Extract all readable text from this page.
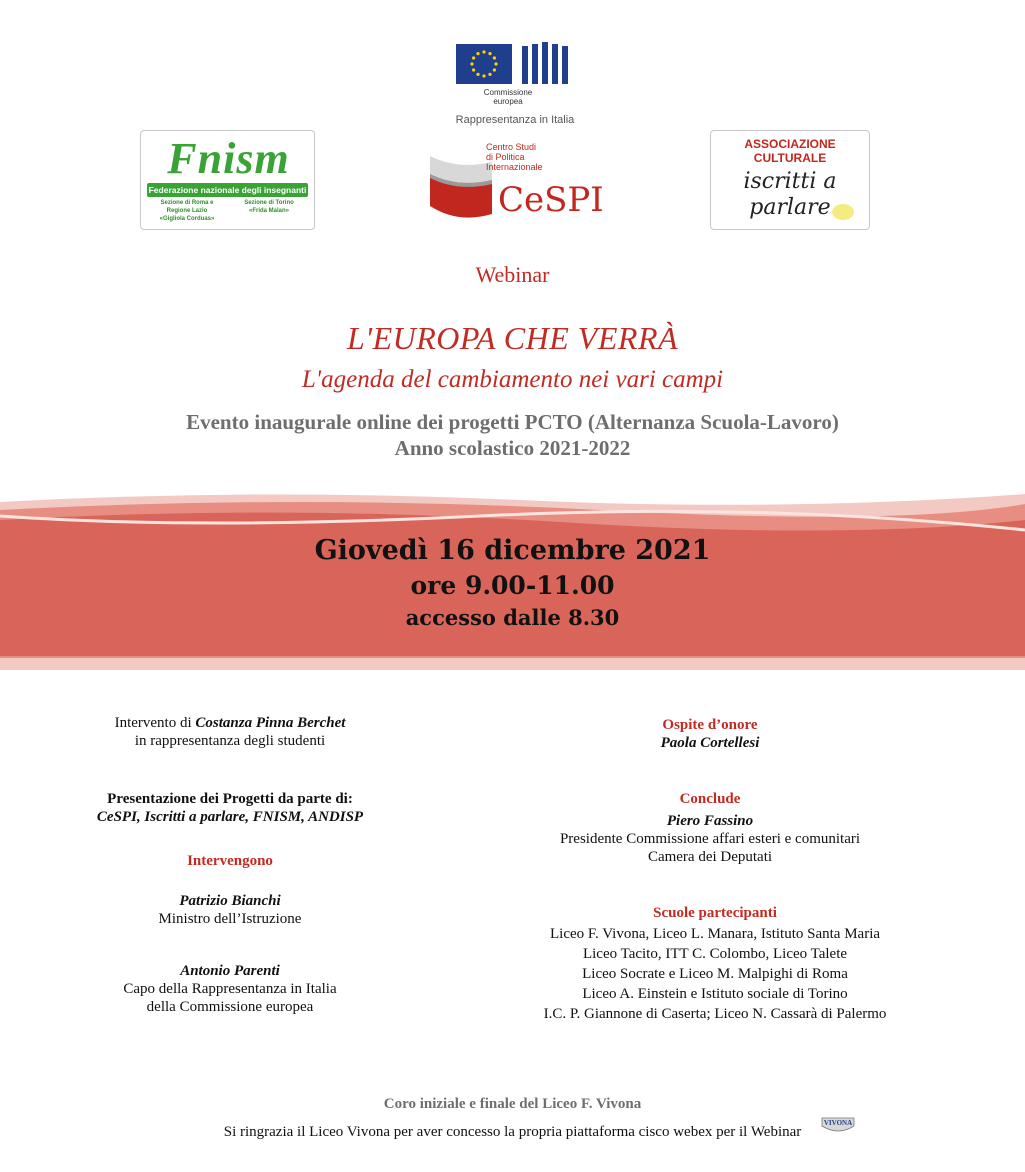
Commissione
europea
Rappresentanza in Italia
Fnism
Federazione nazionale degli insegnanti
Sezione di Roma e
Regione Lazio
«Gigliola Corduas»
Sezione di Torino
«Frida Malan»
Centro Studi
di Politica
Internazionale
CeSPI
ASSOCIAZIONE
CULTURALE
iscritti a
parlare
Webinar
L'EUROPA CHE VERRÀ
L'agenda del cambiamento nei vari campi
Evento inaugurale online dei progetti PCTO (Alternanza Scuola-Lavoro)
Anno scolastico 2021-2022
Giovedì 16 dicembre 2021
ore 9.00-11.00
accesso dalle 8.30
Intervento di Costanza Pinna Berchet
in rappresentanza degli studenti
Presentazione dei Progetti da parte di:
CeSPI, Iscritti a parlare, FNISM, ANDISP
Intervengono
Patrizio Bianchi
Ministro dell’Istruzione
Antonio Parenti
Capo della Rappresentanza in Italia
della Commissione europea
Ospite d’onore
Paola Cortellesi
Conclude
Piero Fassino
Presidente Commissione affari esteri e comunitari
Camera dei Deputati
Scuole partecipanti
Liceo F. Vivona, Liceo L. Manara, Istituto Santa Maria
Liceo Tacito, ITT C. Colombo, Liceo Talete
Liceo Socrate e Liceo M. Malpighi di Roma
Liceo A. Einstein e Istituto sociale di Torino
I.C. P. Giannone di Caserta; Liceo N. Cassarà di Palermo
Coro iniziale e finale del Liceo F. Vivona
Si ringrazia il Liceo Vivona per aver concesso la propria piattaforma cisco webex per il Webinar
VIVONA
